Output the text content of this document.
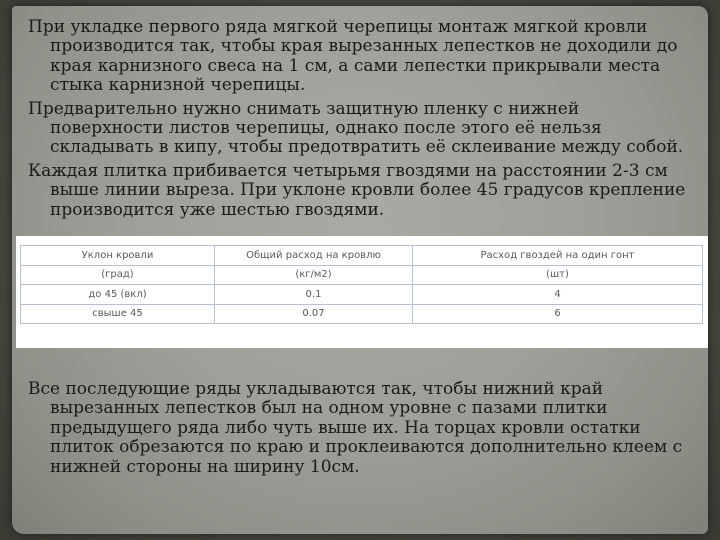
При укладке первого ряда мягкой черепицы монтаж мягкой кровли производится так, чтобы края вырезанных лепестков не доходили до края карнизного свеса на 1 см, а сами лепестки прикрывали места стыка карнизной черепицы.

Предварительно нужно снимать защитную пленку с нижней поверхности листов черепицы, однако после этого её нельзя складывать в кипу, чтобы предотвратить её склеивание между собой.

Каждая плитка прибивается четырьмя гвоздями на расстоянии 2-3 см выше линии выреза. При уклоне кровли более 45 градусов крепление производится уже шестью гвоздями.

Уклон кровли	Общий расход на кровлю	Расход гвоздей на один гонт
(град)	(кг/м2)	(шт)
до 45 (вкл)	0.1	4
свыше 45	0.07	6

Все последующие ряды укладываются так, чтобы нижний край вырезанных лепестков был на одном уровне с пазами плитки предыдущего ряда либо чуть выше их. На торцах кровли остатки плиток обрезаются по краю и проклеиваются дополнительно клеем с нижней стороны на ширину 10см.
